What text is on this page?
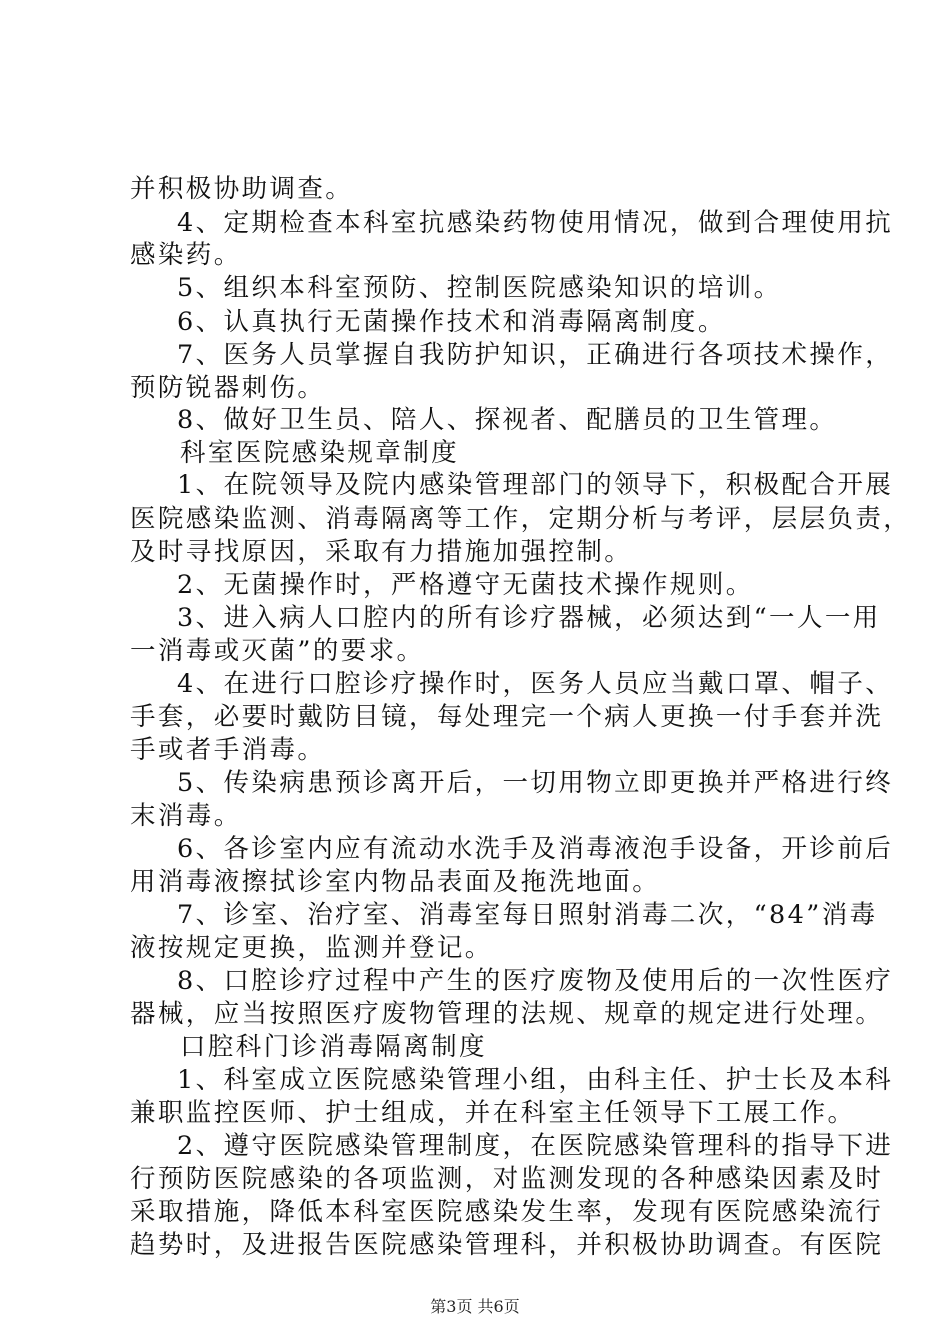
并积极协助调查。
4、定期检查本科室抗感染药物使用情况，做到合理使用抗
感染药。
5、组织本科室预防、控制医院感染知识的培训。
6、认真执行无菌操作技术和消毒隔离制度。
7、医务人员掌握自我防护知识，正确进行各项技术操作，
预防锐器刺伤。
8、做好卫生员、陪人、探视者、配膳员的卫生管理。
科室医院感染规章制度
1、在院领导及院内感染管理部门的领导下，积极配合开展
医院感染监测、消毒隔离等工作，定期分析与考评，层层负责，
及时寻找原因，采取有力措施加强控制。
2、无菌操作时，严格遵守无菌技术操作规则。
3、进入病人口腔内的所有诊疗器械，必须达到“一人一用
一消毒或灭菌”的要求。
4、在进行口腔诊疗操作时，医务人员应当戴口罩、帽子、
手套，必要时戴防目镜，每处理完一个病人更换一付手套并洗
手或者手消毒。
5、传染病患预诊离开后，一切用物立即更换并严格进行终
末消毒。
6、各诊室内应有流动水洗手及消毒液泡手设备，开诊前后
用消毒液擦拭诊室内物品表面及拖洗地面。
7、诊室、治疗室、消毒室每日照射消毒二次，“84”消毒
液按规定更换，监测并登记。
8、口腔诊疗过程中产生的医疗废物及使用后的一次性医疗
器械，应当按照医疗废物管理的法规、规章的规定进行处理。
口腔科门诊消毒隔离制度
1、科室成立医院感染管理小组，由科主任、护士长及本科
兼职监控医师、护士组成，并在科室主任领导下工展工作。
2、遵守医院感染管理制度，在医院感染管理科的指导下进
行预防医院感染的各项监测，对监测发现的各种感染因素及时
采取措施，降低本科室医院感染发生率，发现有医院感染流行
趋势时，及进报告医院感染管理科，并积极协助调查。有医院
第3页 共6页
